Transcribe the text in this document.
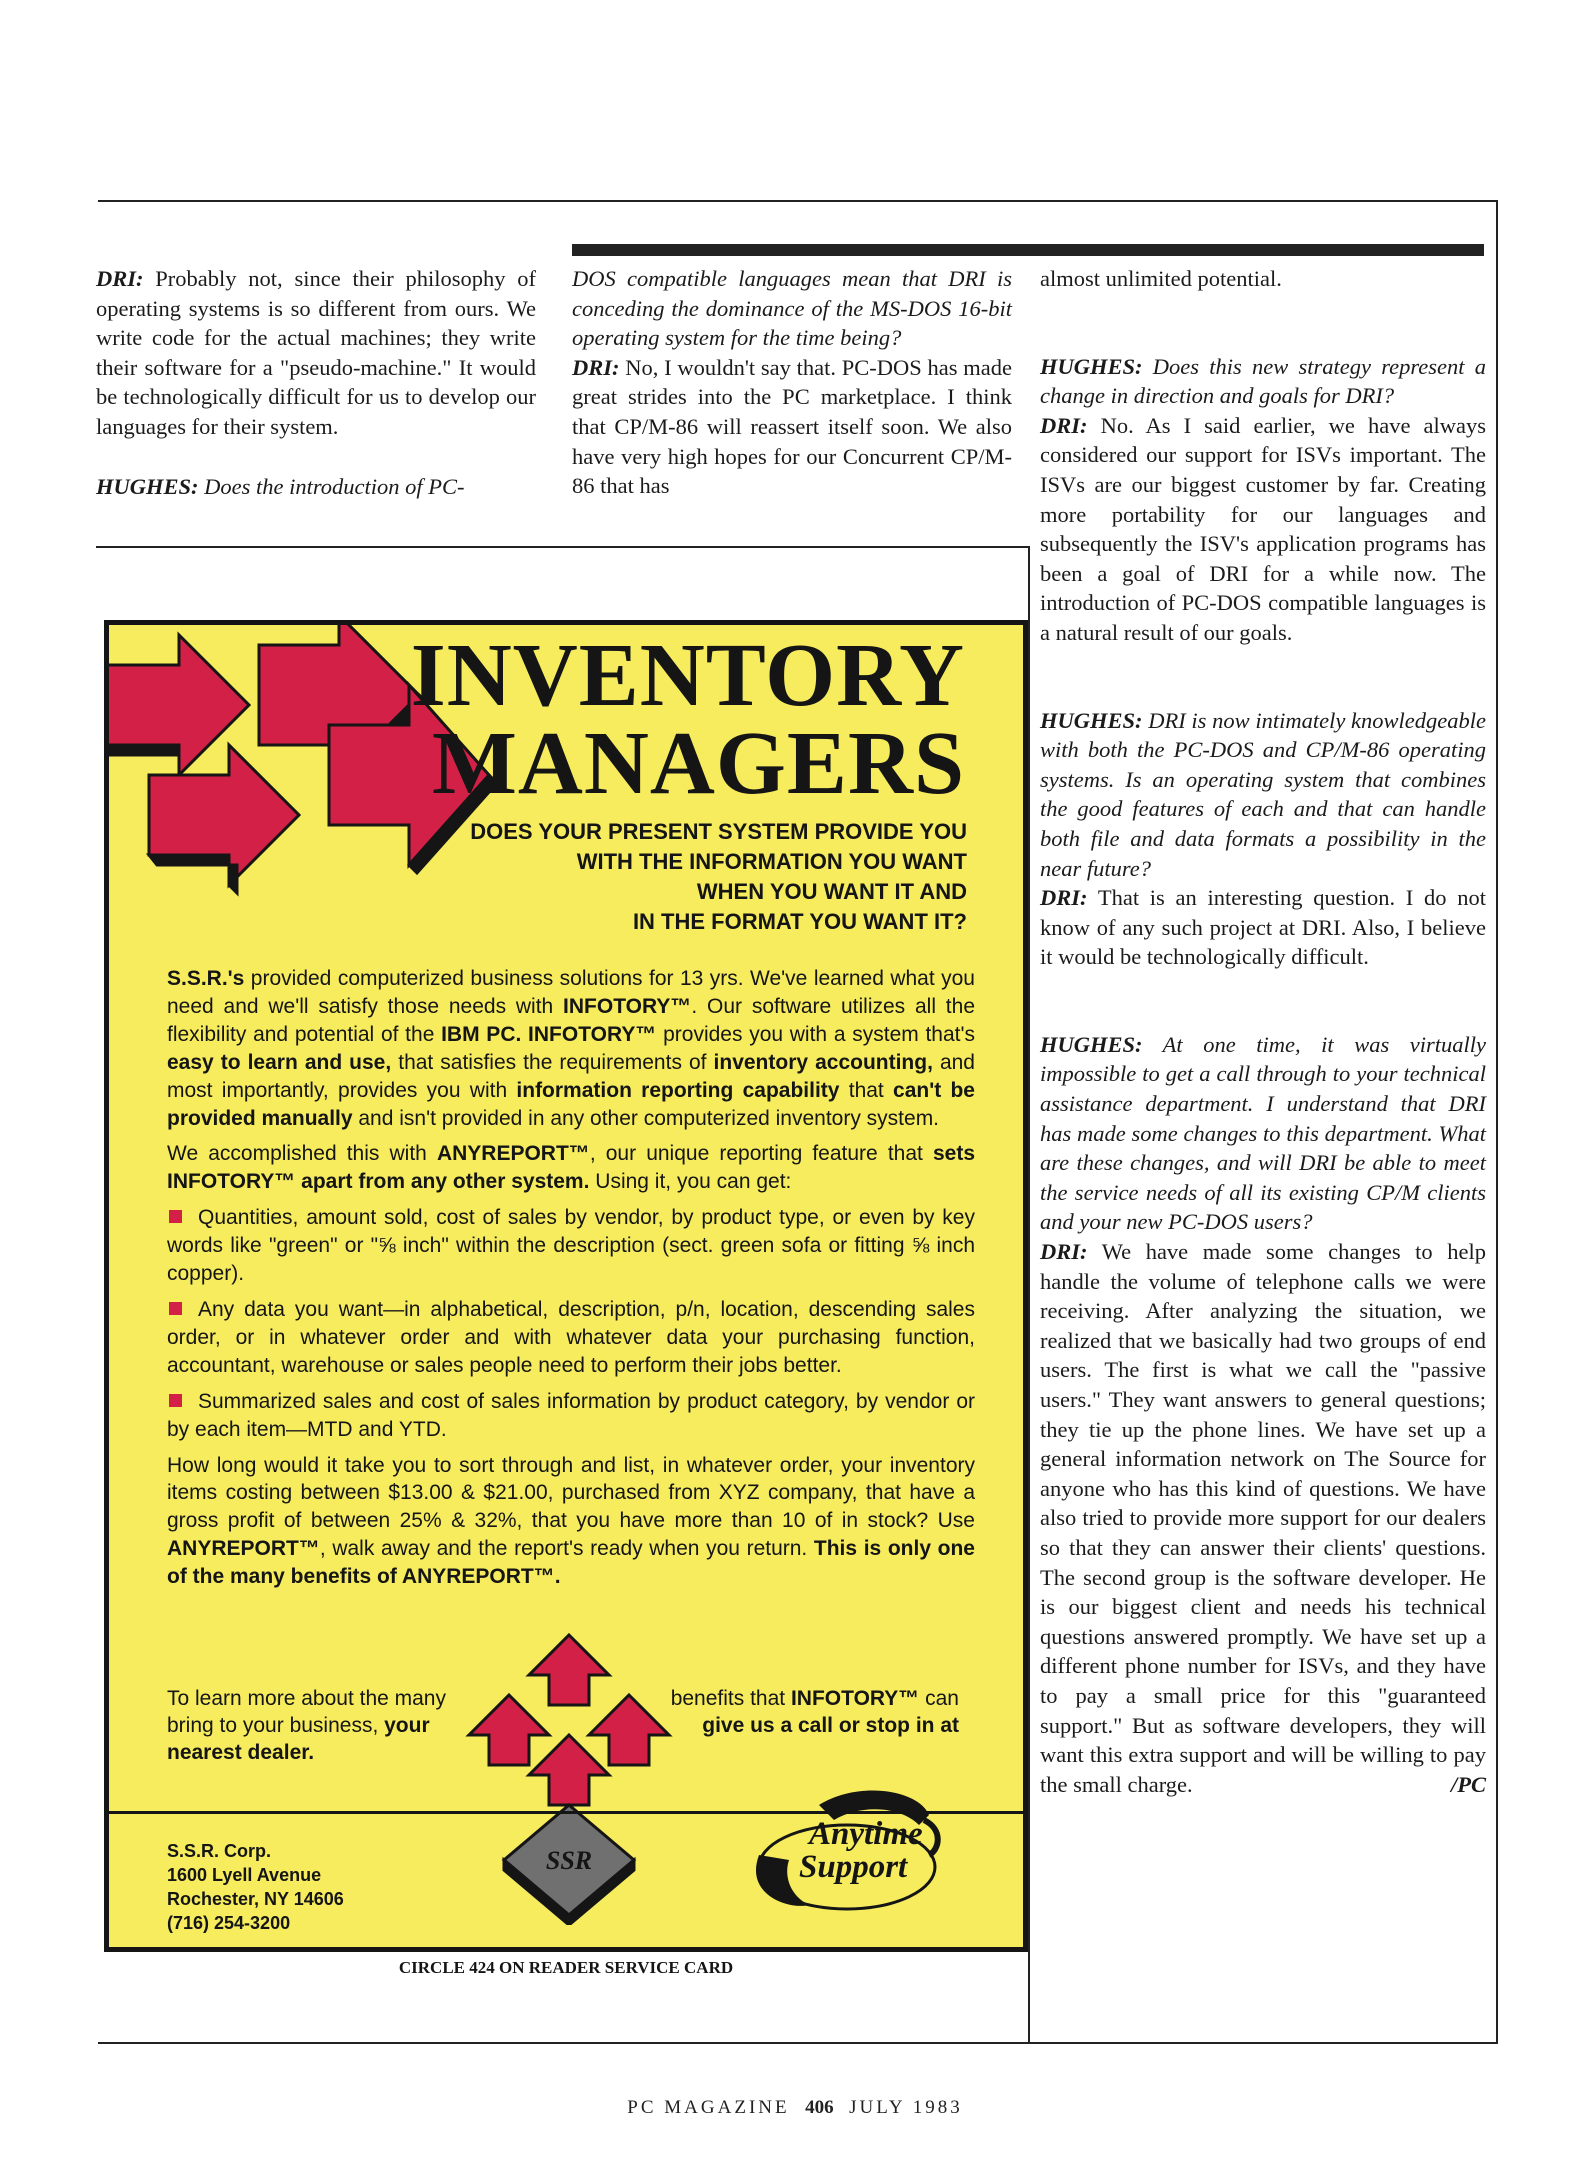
DRI: Probably not, since their philosophy of operating systems is so different from ours. We write code for the actual machines; they write their software for a "pseudo-machine." It would be technologically difficult for us to develop our languages for their system.

HUGHES: Does the introduction of PC-

DOS compatible languages mean that DRI is conceding the dominance of the MS-DOS 16-bit operating system for the time being?

DRI: No, I wouldn't say that. PC-DOS has made great strides into the PC marketplace. I think that CP/M-86 will reassert itself soon. We also have very high hopes for our Concurrent CP/M-86 that has

almost unlimited potential.

HUGHES: Does this new strategy represent a change in direction and goals for DRI?

DRI: No. As I said earlier, we have always considered our support for ISVs important. The ISVs are our biggest customer by far. Creating more portability for our languages and subsequently the ISV's application programs has been a goal of DRI for a while now. The introduction of PC-DOS compatible languages is a natural result of our goals.

HUGHES: DRI is now intimately knowledgeable with both the PC-DOS and CP/M-86 operating systems. Is an operating system that combines the good features of each and that can handle both file and data formats a possibility in the near future?

DRI: That is an interesting question. I do not know of any such project at DRI. Also, I believe it would be technologically difficult.

HUGHES: At one time, it was virtually impossible to get a call through to your technical assistance department. I understand that DRI has made some changes to this department. What are these changes, and will DRI be able to meet the service needs of all its existing CP/M clients and your new PC-DOS users?

DRI: We have made some changes to help handle the volume of telephone calls we were receiving. After analyzing the situation, we realized that we basically had two groups of end users. The first is what we call the "passive users." They want answers to general questions; they tie up the phone lines. We have set up a general information network on The Source for anyone who has this kind of questions. We have also tried to provide more support for our dealers so that they can answer their clients' questions. The second group is the software developer. He is our biggest client and needs his technical questions answered promptly. We have set up a different phone number for ISVs, and they have to pay a small price for this "guaranteed support." But as software developers, they will want this extra support and will be willing to pay the small charge.	/PC

INVENTORY
MANAGERS

DOES YOUR PRESENT SYSTEM PROVIDE YOU
WITH THE INFORMATION YOU WANT
WHEN YOU WANT IT AND
IN THE FORMAT YOU WANT IT?

S.S.R.'s provided computerized business solutions for 13 yrs. We've learned what you need and we'll satisfy those needs with INFOTORY™. Our software utilizes all the flexibility and potential of the IBM PC. INFOTORY™ provides you with a system that's easy to learn and use, that satisfies the requirements of inventory accounting, and most importantly, provides you with information reporting capability that can't be provided manually and isn't provided in any other computerized inventory system.

We accomplished this with ANYREPORT™, our unique reporting feature that sets INFOTORY™ apart from any other system. Using it, you can get:

Quantities, amount sold, cost of sales by vendor, by product type, or even by key words like "green" or "⅝ inch" within the description (sect. green sofa or fitting ⅝ inch copper).

Any data you want—in alphabetical, description, p/n, location, descending sales order, or in whatever order and with whatever data your purchasing function, accountant, warehouse or sales people need to perform their jobs better.

Summarized sales and cost of sales information by product category, by vendor or by each item—MTD and YTD.

How long would it take you to sort through and list, in whatever order, your inventory items costing between $13.00 & $21.00, purchased from XYZ company, that have a gross profit of between 25% & 32%, that you have more than 10 of in stock? Use ANYREPORT™, walk away and the report's ready when you return. This is only one of the many benefits of ANYREPORT™.

To learn more about the many bring to your business, your nearest dealer.

benefits that INFOTORY™ can
give us a call or stop in at

SSR
S.S.R. Corp.
1600 Lyell Avenue
Rochester, NY 14606
(716) 254-3200
Anytime
Support
CIRCLE 424 ON READER SERVICE CARD
PC MAGAZINE 406 JULY 1983
